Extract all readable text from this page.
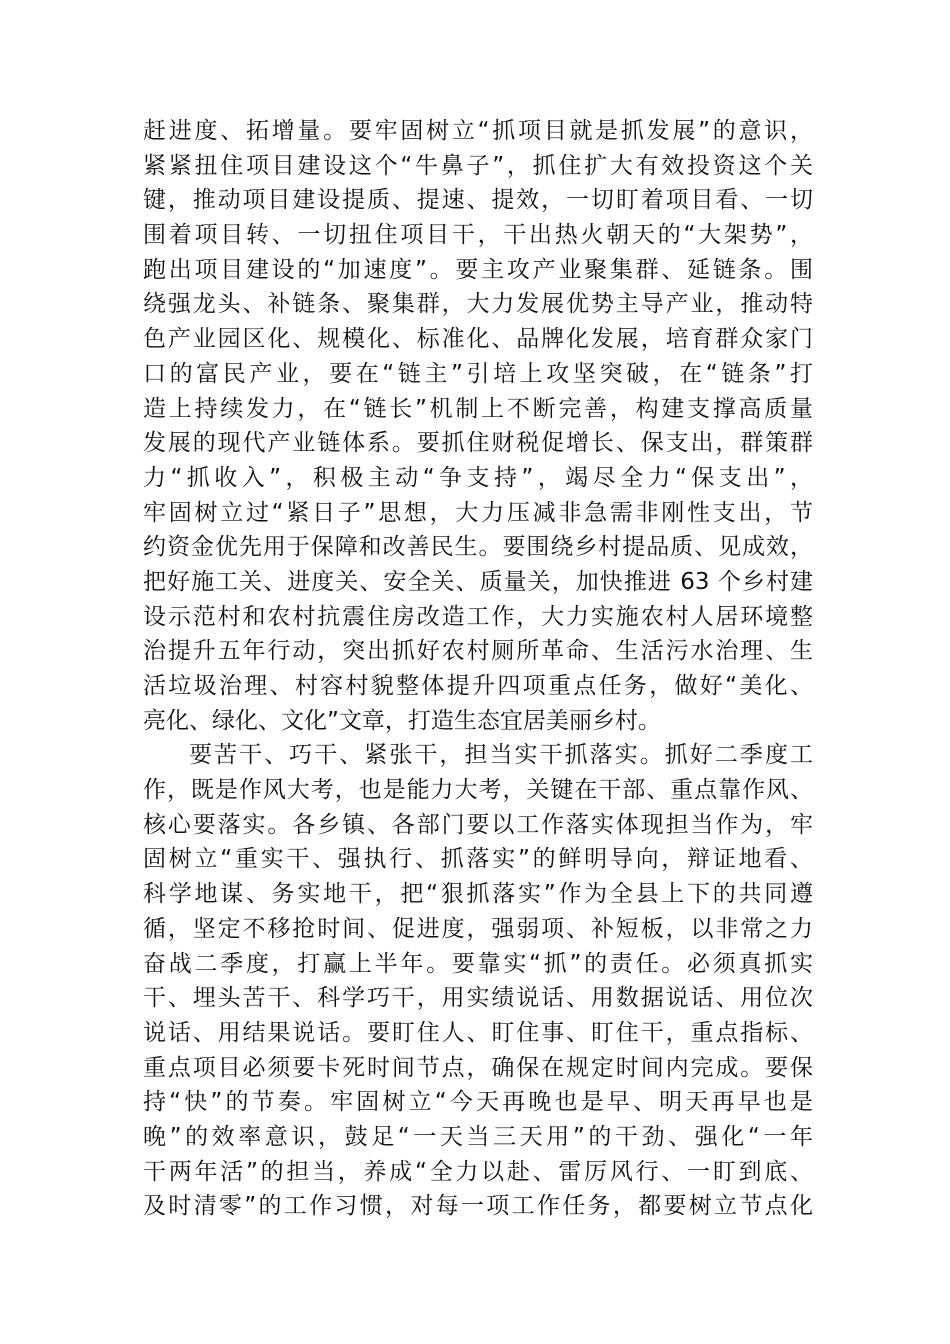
赶进度、拓增量。要牢固树立“抓项目就是抓发展”的意识，
紧紧扭住项目建设这个“牛鼻子”，抓住扩大有效投资这个关
键，推动项目建设提质、提速、提效，一切盯着项目看、一切
围着项目转、一切扭住项目干，干出热火朝天的“大架势”，
跑出项目建设的“加速度”。要主攻产业聚集群、延链条。围
绕强龙头、补链条、聚集群，大力发展优势主导产业，推动特
色产业园区化、规模化、标准化、品牌化发展，培育群众家门
口的富民产业，要在“链主”引培上攻坚突破，在“链条”打
造上持续发力，在“链长”机制上不断完善，构建支撑高质量
发展的现代产业链体系。要抓住财税促增长、保支出，群策群
力“抓收入”，积极主动“争支持”，竭尽全力“保支出”，
牢固树立过“紧日子”思想，大力压减非急需非刚性支出，节
约资金优先用于保障和改善民生。要围绕乡村提品质、见成效，
把好施工关、进度关、安全关、质量关，加快推进 63 个乡村建
设示范村和农村抗震住房改造工作，大力实施农村人居环境整
治提升五年行动，突出抓好农村厕所革命、生活污水治理、生
活垃圾治理、村容村貌整体提升四项重点任务，做好“美化、
亮化、绿化、文化”文章，打造生态宜居美丽乡村。
要苦干、巧干、紧张干，担当实干抓落实。抓好二季度工
作，既是作风大考，也是能力大考，关键在干部、重点靠作风、
核心要落实。各乡镇、各部门要以工作落实体现担当作为，牢
固树立“重实干、强执行、抓落实”的鲜明导向，辩证地看、
科学地谋、务实地干，把“狠抓落实”作为全县上下的共同遵
循，坚定不移抢时间、促进度，强弱项、补短板，以非常之力
奋战二季度，打赢上半年。要靠实“抓”的责任。必须真抓实
干、埋头苦干、科学巧干，用实绩说话、用数据说话、用位次
说话、用结果说话。要盯住人、盯住事、盯住干，重点指标、
重点项目必须要卡死时间节点，确保在规定时间内完成。要保
持“快”的节奏。牢固树立“今天再晚也是早、明天再早也是
晚”的效率意识，鼓足“一天当三天用”的干劲、强化“一年
干两年活”的担当，养成“全力以赴、雷厉风行、一盯到底、
及时清零”的工作习惯，对每一项工作任务，都要树立节点化
